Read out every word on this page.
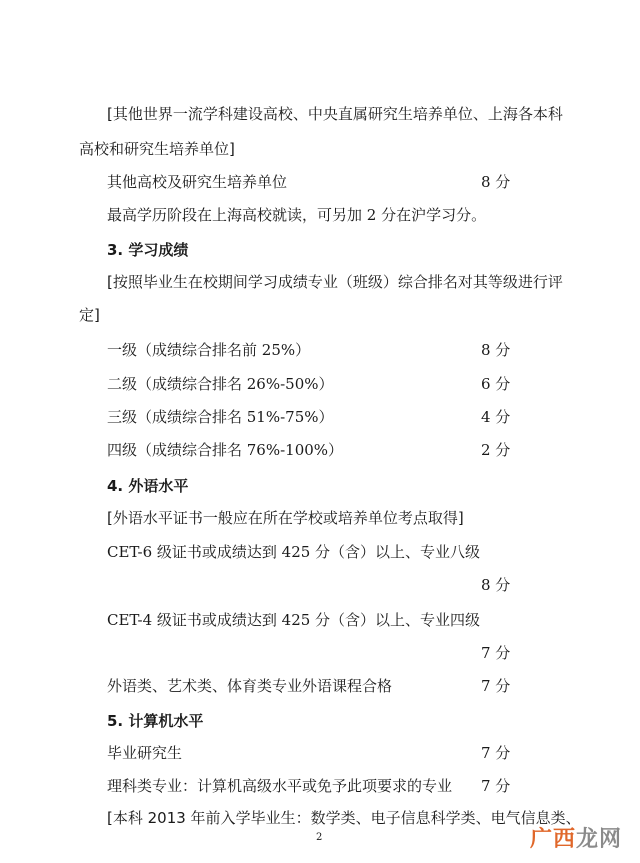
[其他世界一流学科建设高校、中央直属研究生培养单位、上海各本科
高校和研究生培养单位]
其他高校及研究生培养单位	8 分
最高学历阶段在上海高校就读，可另加 2 分在沪学习分。
3. 学习成绩
[按照毕业生在校期间学习成绩专业（班级）综合排名对其等级进行评
定]
一级（成绩综合排名前 25%）	8 分
二级（成绩综合排名 26%-50%）	6 分
三级（成绩综合排名 51%-75%）	4 分
四级（成绩综合排名 76%-100%）	2 分
4. 外语水平
[外语水平证书一般应在所在学校或培养单位考点取得]
CET-6 级证书或成绩达到 425 分（含）以上、专业八级
8 分
CET-4 级证书或成绩达到 425 分（含）以上、专业四级
7 分
外语类、艺术类、体育类专业外语课程合格	7 分
5. 计算机水平
毕业研究生	7 分
理科类专业：计算机高级水平或免予此项要求的专业 7 分
[本科 2013 年前入学毕业生：数学类、电子信息科学类、电气信息类、
2	广西龙网
